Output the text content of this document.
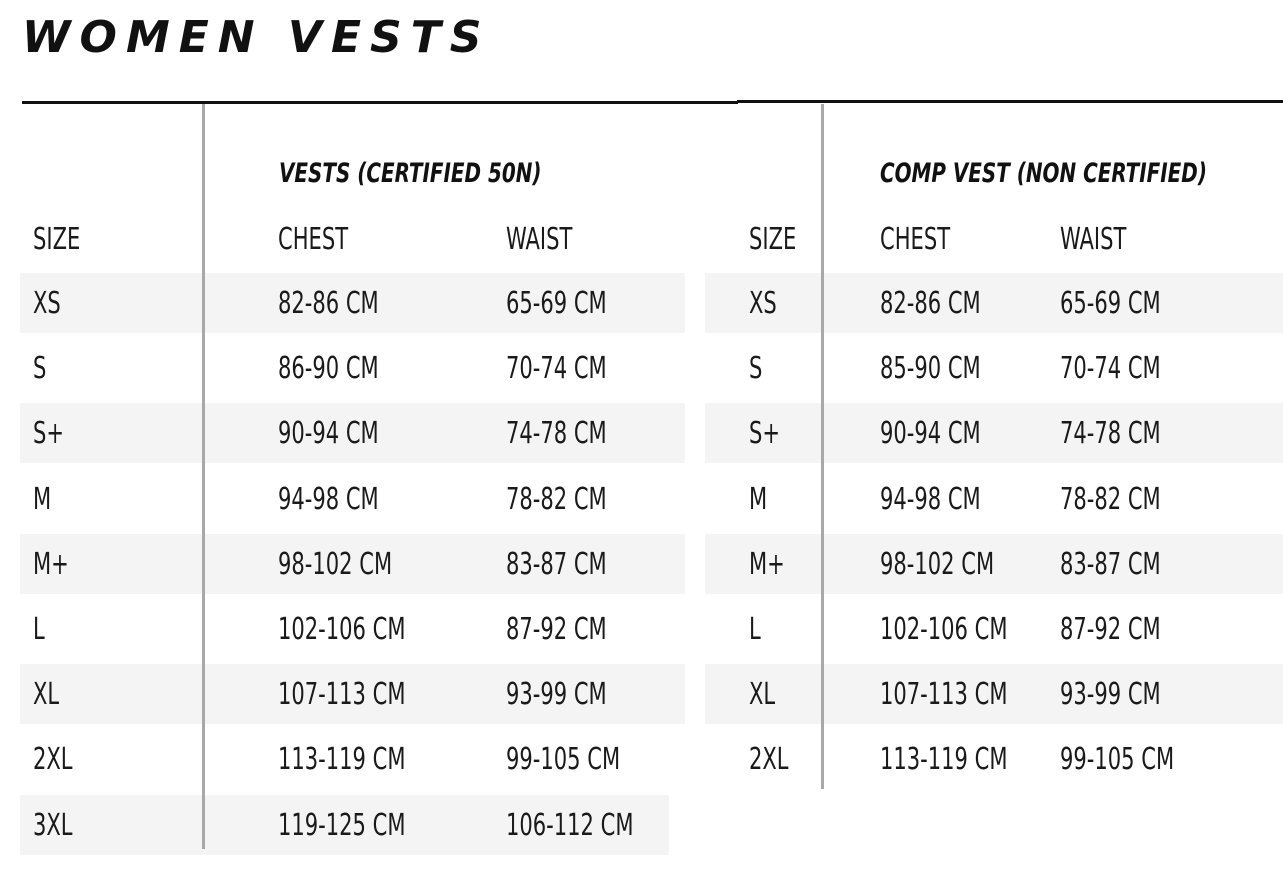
WOMEN VESTS
VESTS (CERTIFIED 50N)
SIZE	CHEST	WAIST
XS	82-86 CM	65-69 CM
S	86-90 CM	70-74 CM
S+	90-94 CM	74-78 CM
M	94-98 CM	78-82 CM
M+	98-102 CM	83-87 CM
L	102-106 CM	87-92 CM
XL	107-113 CM	93-99 CM
2XL	113-119 CM	99-105 CM
3XL	119-125 CM	106-112 CM
COMP VEST (NON CERTIFIED)
SIZE	CHEST	WAIST
XS	82-86 CM	65-69 CM
S	85-90 CM	70-74 CM
S+	90-94 CM	74-78 CM
M	94-98 CM	78-82 CM
M+	98-102 CM 83-87 CM
L	102-106 CM 87-92 CM
XL	107-113 CM 93-99 CM
2XL	113-119 CM 99-105 CM
